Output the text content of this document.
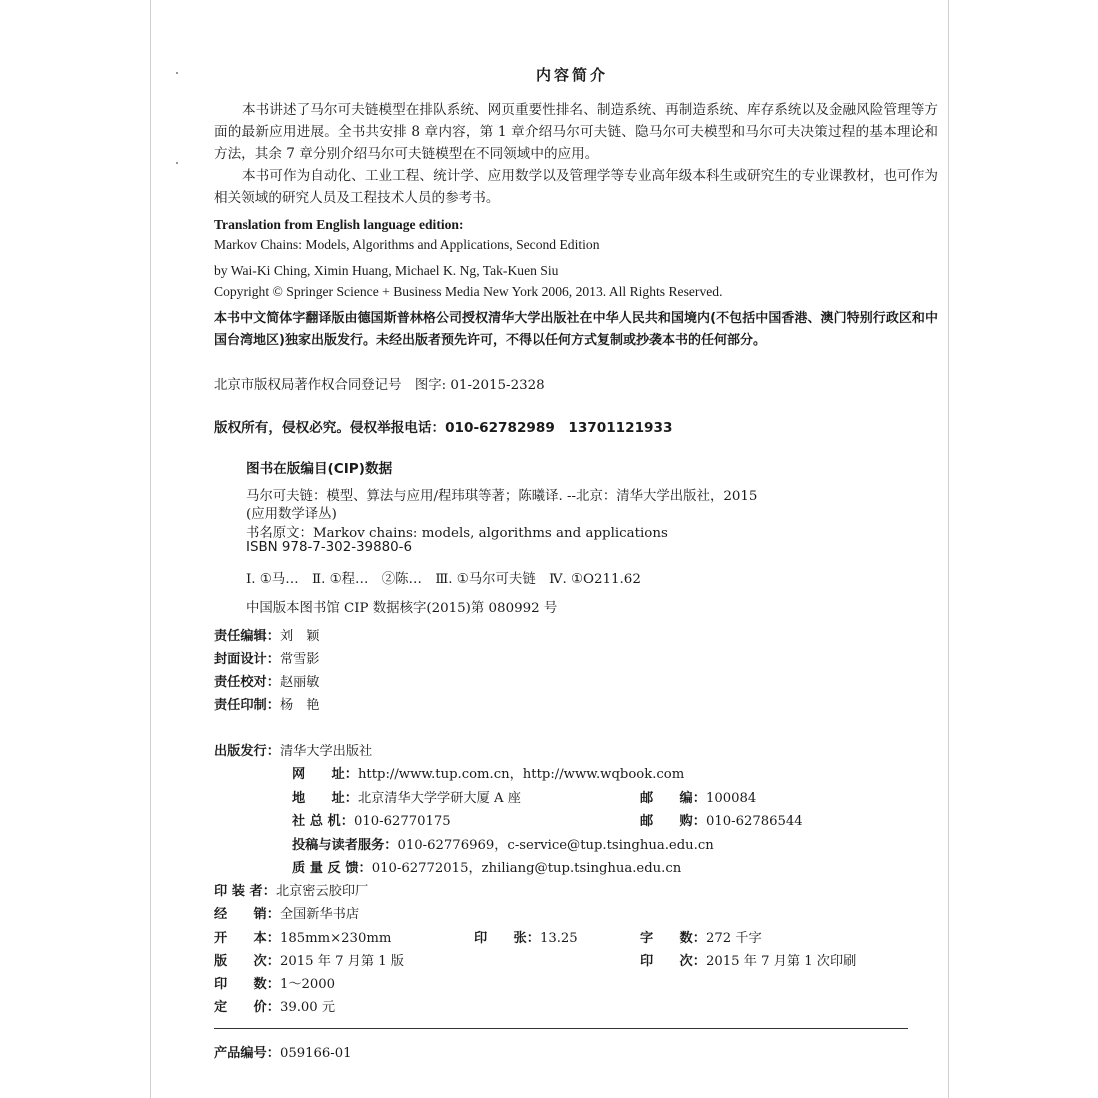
内容简介
本书讲述了马尔可夫链模型在排队系统、网页重要性排名、制造系统、再制造系统、库存系统以及金融风险管理等方面的最新应用进展。全书共安排 8 章内容，第 1 章介绍马尔可夫链、隐马尔可夫模型和马尔可夫决策过程的基本理论和方法，其余 7 章分别介绍马尔可夫链模型在不同领域中的应用。
本书可作为自动化、工业工程、统计学、应用数学以及管理学等专业高年级本科生或研究生的专业课教材，也可作为相关领域的研究人员及工程技术人员的参考书。
Translation from English language edition:
Markov Chains: Models, Algorithms and Applications, Second Edition
by Wai-Ki Ching, Ximin Huang, Michael K. Ng, Tak-Kuen Siu
Copyright © Springer Science + Business Media New York 2006, 2013. All Rights Reserved.
本书中文简体字翻译版由德国斯普林格公司授权清华大学出版社在中华人民共和国境内(不包括中国香港、澳门特别行政区和中国台湾地区)独家出版发行。未经出版者预先许可，不得以任何方式复制或抄袭本书的任何部分。
北京市版权局著作权合同登记号　图字: 01-2015-2328
版权所有，侵权必究。侵权举报电话：010-62782989　13701121933
图书在版编目(CIP)数据
马尔可夫链：模型、算法与应用/程玮琪等著；陈曦译. --北京：清华大学出版社，2015
(应用数学译丛)
书名原文：Markov chains: models, algorithms and applications
ISBN 978-7-302-39880-6
Ⅰ. ①马…　Ⅱ. ①程…　②陈…　Ⅲ. ①马尔可夫链　Ⅳ. ①O211.62
中国版本图书馆 CIP 数据核字(2015)第 080992 号
责任编辑：刘　颖
封面设计：常雪影
责任校对：赵丽敏
责任印制：杨　艳
出版发行：清华大学出版社
网　　址：http://www.tup.com.cn，http://www.wqbook.com
地　　址：北京清华大学学研大厦 A 座	邮　　编：100084
社 总 机：010-62770175	邮　　购：010-62786544
投稿与读者服务：010-62776969，c-service@tup.tsinghua.edu.cn
质 量 反 馈：010-62772015，zhiliang@tup.tsinghua.edu.cn
印 装 者：北京密云胶印厂
经　　销：全国新华书店
开　　本：185mm×230mm	印　　张：13.25	字　　数：272 千字
版　　次：2015 年 7 月第 1 版	印　　次：2015 年 7 月第 1 次印刷
印　　数：1～2000
定　　价：39.00 元
产品编号：059166-01
